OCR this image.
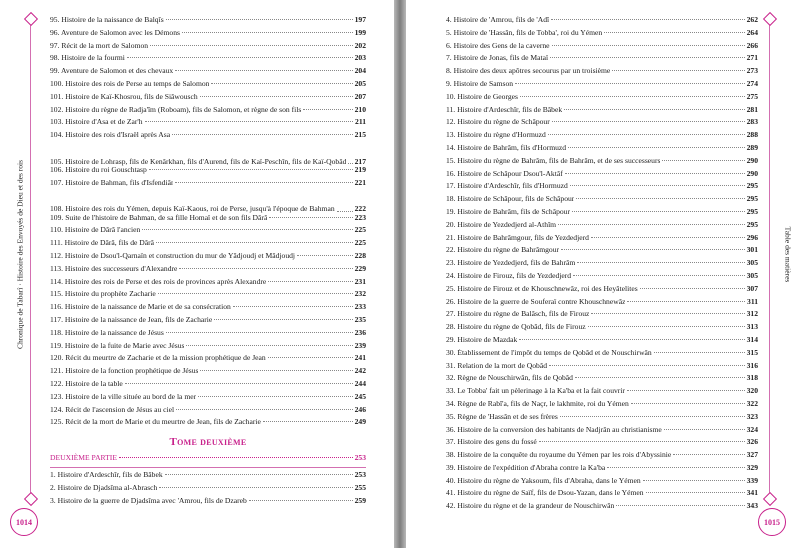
Chronique de Tabarî · Histoire des Envoyés de Dieu et des rois
95. Histoire de la naissance de Balqîs	197
96. Aventure de Salomon avec les Démons	199
97. Récit de la mort de Salomon	202
98. Histoire de la fourmi	203
99. Aventure de Salomon et des chevaux	204
100. Histoire des rois de Perse au temps de Salomon	205
101. Histoire de Kaï-Khosrou, fils de Siâwousch	207
102. Histoire du règne de Radja'îm (Roboam), fils de Salomon, et règne de son fils	210
103. Histoire d'Asa et de Zar'h	211
104. Histoire des rois d'Israël après Asa	215
105. Histoire de Lohrasp, fils de Kenârkhan, fils d'Aurend, fils de Kaï-Peschîn, fils de Kaï-Qobâd 217
106. Histoire du roi Gouschtasp	219
107. Histoire de Bahman, fils d'Isfendiâr	221
108. Histoire des rois du Yémen, depuis Kaï-Kaous, roi de Perse, jusqu'à l'époque de Bahman	222
109. Suite de l'histoire de Bahman, de sa fille Homaï et de son fils Dârâ	223
110. Histoire de Dârâ l'ancien	225
111. Histoire de Dârâ, fils de Dârâ	225
112. Histoire de Dsou'l-Qarnaïn et construction du mur de Yâdjoudj et Mâdjoudj	228
113. Histoire des successeurs d'Alexandre	229
114. Histoire des rois de Perse et des rois de provinces après Alexandre	231
115. Histoire du prophète Zacharie	232
116. Histoire de la naissance de Marie et de sa consécration	233
117. Histoire de la naissance de Jean, fils de Zacharie	235
118. Histoire de la naissance de Jésus	236
119. Histoire de la fuite de Marie avec Jésus	239
120. Récit du meurtre de Zacharie et de la mission prophétique de Jean	241
121. Histoire de la fonction prophétique de Jésus	242
122. Histoire de la table	244
123. Histoire de la ville située au bord de la mer	245
124. Récit de l'ascension de Jésus au ciel	246
125. Récit de la mort de Marie et du meurtre de Jean, fils de Zacharie	249
Tome deuxième
DEUXIÈME PARTIE	253
1. Histoire d'Ardeschîr, fils de Bâbek	253
2. Histoire de Djadsîma al-Abrasch	255
3. Histoire de la guerre de Djadsîma avec 'Amrou, fils de Dzareb	259
1014
Table des matières
4. Histoire de 'Amrou, fils de 'Adî	262
5. Histoire de 'Hassân, fils de Tobba', roi du Yémen	264
6. Histoire des Gens de la caverne	266
7. Histoire de Jonas, fils de Mataï	271
8. Histoire des deux apôtres secourus par un troisième	273
9. Histoire de Samson	274
10. Histoire de Georges	275
11. Histoire d'Ardeschîr, fils de Bâbek	281
12. Histoire du règne de Schâpour	283
13. Histoire du règne d'Hormuzd	288
14. Histoire de Bahrâm, fils d'Hormuzd	289
15. Histoire du règne de Bahrâm, fils de Bahrâm, et de ses successeurs	290
16. Histoire de Schâpour Dsou'l-Aktâf	290
17. Histoire d'Ardeschîr, fils d'Hormuzd	295
18. Histoire de Schâpour, fils de Schâpour	295
19. Histoire de Bahrâm, fils de Schâpour	295
20. Histoire de Yezdedjerd al-Athîm	295
21. Histoire de Bahrâmgour, fils de Yezdedjerd	296
22. Histoire du règne de Bahrâmgour	301
23. Histoire de Yezdedjerd, fils de Bahrâm	305
24. Histoire de Firouz, fils de Yezdedjerd	305
25. Histoire de Firouz et de Khouschnewâz, roi des Heyâtelites	307
26. Histoire de la guerre de Souferaï contre Khouschnewâz	311
27. Histoire du règne de Balâsch, fils de Firouz	312
28. Histoire du règne de Qobâd, fils de Firouz	313
29. Histoire de Mazdak	314
30. Établissement de l'impôt du temps de Qobâd et de Nouschirwân	315
31. Relation de la mort de Qobâd	316
32. Règne de Nouschirwân, fils de Qobâd	318
33. Le Tobba' fait un pèlerinage à la Ka'ba et la fait couvrir	320
34. Règne de Rabî'a, fils de Naçr, le lakhmite, roi du Yémen	322
35. Règne de 'Hassân et de ses frères	323
36. Histoire de la conversion des habitants de Nadjrân au christianisme	324
37. Histoire des gens du fossé	326
38. Histoire de la conquête du royaume du Yémen par les rois d'Abyssinie	327
39. Histoire de l'expédition d'Abraha contre la Ka'ba	329
40. Histoire du règne de Yaksoum, fils d'Abraha, dans le Yémen	339
41. Histoire du règne de Saïf, fils de Dsou-Yazan, dans le Yémen	341
42. Histoire du règne et de la grandeur de Nouschirwân	343
1015
